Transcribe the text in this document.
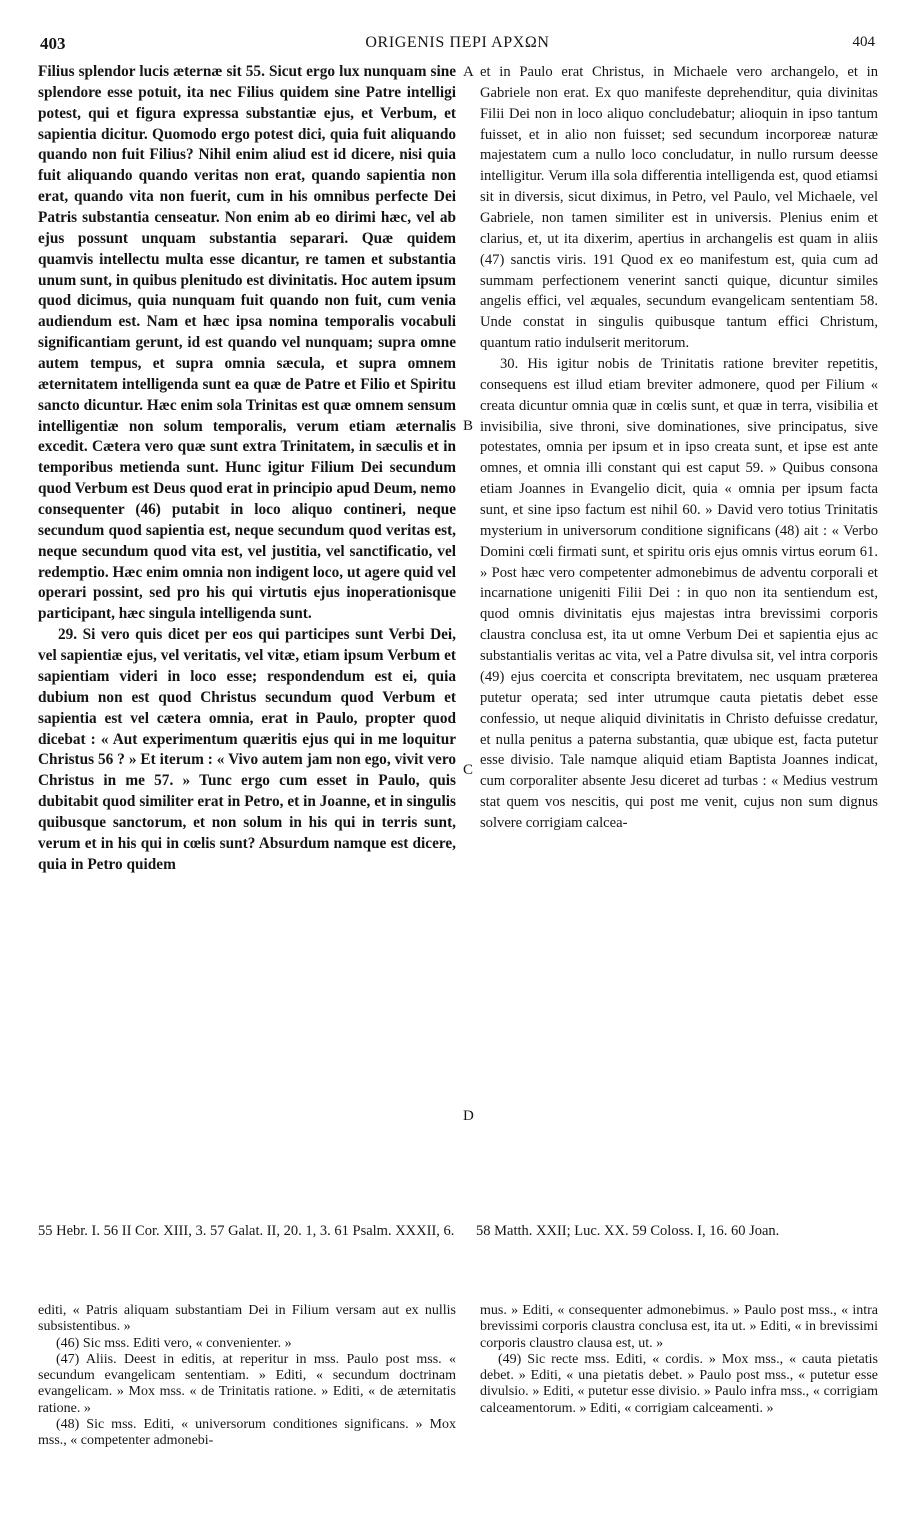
403	ORIGENIS ΠΕΡΙ ΑΡΧΩΝ	404

Filius splendor lucis æternæ sit 55. Sicut ergo lux nunquam sine splendore esse potuit, ita nec Filius quidem sine Patre intelligi potest, qui et figura expressa substantiæ ejus, et Verbum, et sapientia dicitur. Quomodo ergo potest dici, quia fuit aliquando quando non fuit Filius? Nihil enim aliud est id dicere, nisi quia fuit aliquando quando veritas non erat, quando sapientia non erat, quando vita non fuerit, cum in his omnibus perfecte Dei Patris substantia censeatur. Non enim ab eo dirimi hæc, vel ab ejus possunt unquam substantia separari. Quæ quidem quamvis intellectu multa esse dicantur, re tamen et substantia unum sunt, in quibus plenitudo est divinitatis. Hoc autem ipsum quod dicimus, quia nunquam fuit quando non fuit, cum venia audiendum est. Nam et hæc ipsa nomina temporalis vocabuli significantiam gerunt, id est quando vel nunquam; supra omne autem tempus, et supra omnia sæcula, et supra omnem æternitatem intelligenda sunt ea quæ de Patre et Filio et Spiritu sancto dicuntur. Hæc enim sola Trinitas est quæ omnem sensum intelligentiæ non solum temporalis, verum etiam æternalis excedit. Cætera vero quæ sunt extra Trinitatem, in sæculis et in temporibus metienda sunt. Hunc igitur Filium Dei secundum quod Verbum est Deus quod erat in principio apud Deum, nemo consequenter (46) putabit in loco aliquo contineri, neque secundum quod sapientia est, neque secundum quod veritas est, neque secundum quod vita est, vel justitia, vel sanctificatio, vel redemptio. Hæc enim omnia non indigent loco, ut agere quid vel operari possint, sed pro his qui virtutis ejus inoperationisque participant, hæc singula intelligenda sunt.

29. Si vero quis dicet per eos qui participes sunt Verbi Dei, vel sapientiæ ejus, vel veritatis, vel vitæ, etiam ipsum Verbum et sapientiam videri in loco esse; respondendum est ei, quia dubium non est quod Christus secundum quod Verbum et sapientia est vel cætera omnia, erat in Paulo, propter quod dicebat : « Aut experimentum quæritis ejus qui in me loquitur Christus 56 ? » Et iterum : « Vivo autem jam non ego, vivit vero Christus in me 57. » Tunc ergo cum esset in Paulo, quis dubitabit quod similiter erat in Petro, et in Joanne, et in singulis quibusque sanctorum, et non solum in his qui in terris sunt, verum et in his qui in cœlis sunt? Absurdum namque est dicere, quia in Petro quidem

A
B
C
D

et in Paulo erat Christus, in Michaele vero archangelo, et in Gabriele non erat. Ex quo manifeste deprehenditur, quia divinitas Filii Dei non in loco aliquo concludebatur; alioquin in ipso tantum fuisset, et in alio non fuisset; sed secundum incorporeæ naturæ majestatem cum a nullo loco concludatur, in nullo rursum deesse intelligitur. Verum illa sola differentia intelligenda est, quod etiamsi sit in diversis, sicut diximus, in Petro, vel Paulo, vel Michaele, vel Gabriele, non tamen similiter est in universis. Plenius enim et clarius, et, ut ita dixerim, apertius in archangelis est quam in aliis (47) sanctis viris. 191 Quod ex eo manifestum est, quia cum ad summam perfectionem venerint sancti quique, dicuntur similes angelis effici, vel æquales, secundum evangelicam sententiam 58. Unde constat in singulis quibusque tantum effici Christum, quantum ratio indulserit meritorum.

30. His igitur nobis de Trinitatis ratione breviter repetitis, consequens est illud etiam breviter admonere, quod per Filium « creata dicuntur omnia quæ in cœlis sunt, et quæ in terra, visibilia et invisibilia, sive throni, sive dominationes, sive principatus, sive potestates, omnia per ipsum et in ipso creata sunt, et ipse est ante omnes, et omnia illi constant qui est caput 59. » Quibus consona etiam Joannes in Evangelio dicit, quia « omnia per ipsum facta sunt, et sine ipso factum est nihil 60. » David vero totius Trinitatis mysterium in universorum conditione significans (48) ait : « Verbo Domini cœli firmati sunt, et spiritu oris ejus omnis virtus eorum 61. » Post hæc vero competenter admonebimus de adventu corporali et incarnatione unigeniti Filii Dei : in quo non ita sentiendum est, quod omnis divinitatis ejus majestas intra brevissimi corporis claustra conclusa est, ita ut omne Verbum Dei et sapientia ejus ac substantialis veritas ac vita, vel a Patre divulsa sit, vel intra corporis (49) ejus coercita et conscripta brevitatem, nec usquam præterea putetur operata; sed inter utrumque cauta pietatis debet esse confessio, ut neque aliquid divinitatis in Christo defuisse credatur, et nulla penitus a paterna substantia, quæ ubique est, facta putetur esse divisio. Tale namque aliquid etiam Baptista Joannes indicat, cum corporaliter absente Jesu diceret ad turbas : « Medius vestrum stat quem vos nescitis, qui post me venit, cujus non sum dignus solvere corrigiam calcea-

55 Hebr. I. 56 II Cor. XIII, 3. 57 Galat. II, 20. 1, 3. 61 Psalm. XXXII, 6. 58 Matth. XXII; Luc. XX. 59 Coloss. I, 16. 60 Joan.

editi, « Patris aliquam substantiam Dei in Filium versam aut ex nullis subsistentibus. »

(46) Sic mss. Editi vero, « convenienter. »

(47) Aliis. Deest in editis, at reperitur in mss. Paulo post mss. « secundum evangelicam sententiam. » Editi, « secundum doctrinam evangelicam. » Mox mss. « de Trinitatis ratione. » Editi, « de æternitatis ratione. »

(48) Sic mss. Editi, « universorum conditiones significans. » Mox mss., « competenter admonebi-

mus. » Editi, « consequenter admonebimus. » Paulo post mss., « intra brevissimi corporis claustra conclusa est, ita ut. » Editi, « in brevissimi corporis claustro clausa est, ut. »

(49) Sic recte mss. Editi, « cordis. » Mox mss., « cauta pietatis debet. » Editi, « una pietatis debet. » Paulo post mss., « putetur esse divulsio. » Editi, « putetur esse divisio. » Paulo infra mss., « corrigiam calceamentorum. » Editi, « corrigiam calceamenti. »
